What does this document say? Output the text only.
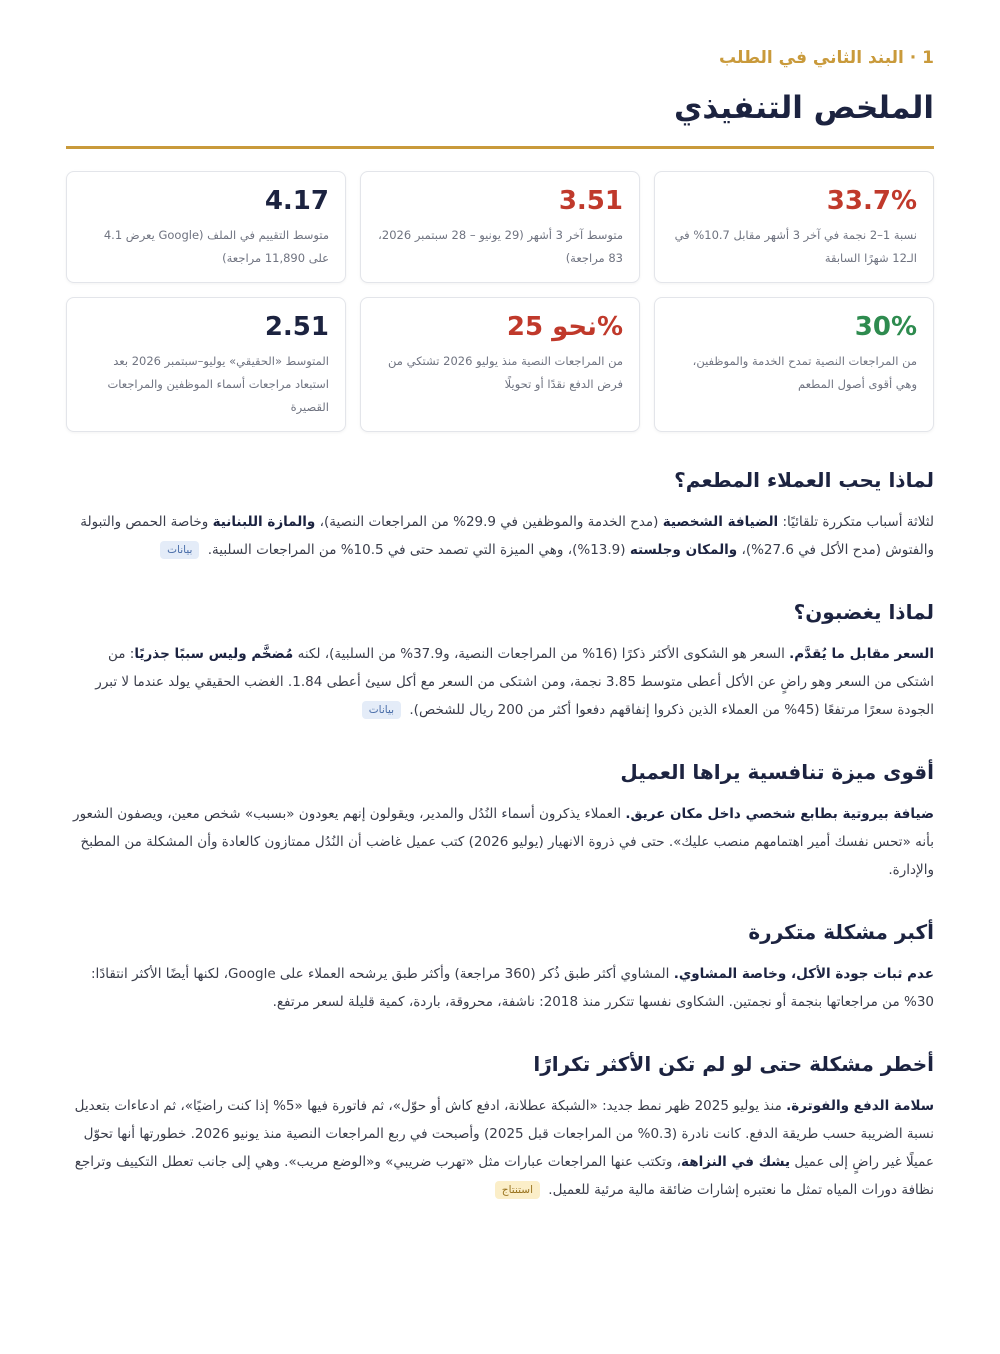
1 · البند الثاني في الطلب
الملخص التنفيذي
33.7%

نسبة 1–2 نجمة في آخر 3 أشهر مقابل 10.7% في الـ12 شهرًا السابقة

3.51

متوسط آخر 3 أشهر (29 يونيو – 28 سبتمبر 2026، 83 مراجعة)

4.17

متوسط التقييم في الملف (Google يعرض 4.1 على 11,890 مراجعة)

30%

من المراجعات النصية تمدح الخدمة والموظفين، وهي أقوى أصول المطعم

نحو 25%

من المراجعات النصية منذ يوليو 2026 تشتكي من فرض الدفع نقدًا أو تحويلًا

2.51

المتوسط «الحقيقي» يوليو–سبتمبر 2026 بعد استبعاد مراجعات أسماء الموظفين والمراجعات القصيرة

لماذا يحب العملاء المطعم؟

لثلاثة أسباب متكررة تلقائيًا: الضيافة الشخصية (مدح الخدمة والموظفين في 29.9% من المراجعات النصية)، والمازة اللبنانية وخاصة الحمص والتبولة والفتوش (مدح الأكل في 27.6%)، والمكان وجلسته (13.9%)، وهي الميزة التي تصمد حتى في 10.5% من المراجعات السلبية. بيانات

لماذا يغضبون؟

السعر مقابل ما يُقدَّم. السعر هو الشكوى الأكثر ذكرًا (16% من المراجعات النصية، و37.9% من السلبية)، لكنه مُضخَّم وليس سببًا جذريًا: من اشتكى من السعر وهو راضٍ عن الأكل أعطى متوسط 3.85 نجمة، ومن اشتكى من السعر مع أكل سيئ أعطى 1.84. الغضب الحقيقي يولد عندما لا تبرر الجودة سعرًا مرتفعًا (45% من العملاء الذين ذكروا إنفاقهم دفعوا أكثر من 200 ريال للشخص). بيانات

أقوى ميزة تنافسية يراها العميل

ضيافة بيروتية بطابع شخصي داخل مكان عريق. العملاء يذكرون أسماء النُدُل والمدير، ويقولون إنهم يعودون «بسبب» شخص معين، ويصفون الشعور بأنه «تحس نفسك أمير اهتمامهم منصب عليك». حتى في ذروة الانهيار (يوليو 2026) كتب عميل غاضب أن النُدُل ممتازون كالعادة وأن المشكلة من المطبخ والإدارة.

أكبر مشكلة متكررة

عدم ثبات جودة الأكل، وخاصة المشاوي. المشاوي أكثر طبق ذُكر (360 مراجعة) وأكثر طبق يرشحه العملاء على Google، لكنها أيضًا الأكثر انتقادًا: 30% من مراجعاتها بنجمة أو نجمتين. الشكاوى نفسها تتكرر منذ 2018: ناشفة، محروقة، باردة، كمية قليلة لسعر مرتفع.

أخطر مشكلة حتى لو لم تكن الأكثر تكرارًا

سلامة الدفع والفوترة. منذ يوليو 2025 ظهر نمط جديد: «الشبكة عطلانة، ادفع كاش أو حوّل»، ثم فاتورة فيها «5% إذا كنت راضيًا»، ثم ادعاءات بتعديل نسبة الضريبة حسب طريقة الدفع. كانت نادرة (0.3% من المراجعات قبل 2025) وأصبحت في ربع المراجعات النصية منذ يونيو 2026. خطورتها أنها تحوّل عميلًا غير راضٍ إلى عميل يشك في النزاهة، وتكتب عنها المراجعات عبارات مثل «تهرب ضريبي» و«الوضع مريب». وهي إلى جانب تعطل التكييف وتراجع نظافة دورات المياه تمثل ما نعتبره إشارات ضائقة مالية مرئية للعميل. استنتاج
